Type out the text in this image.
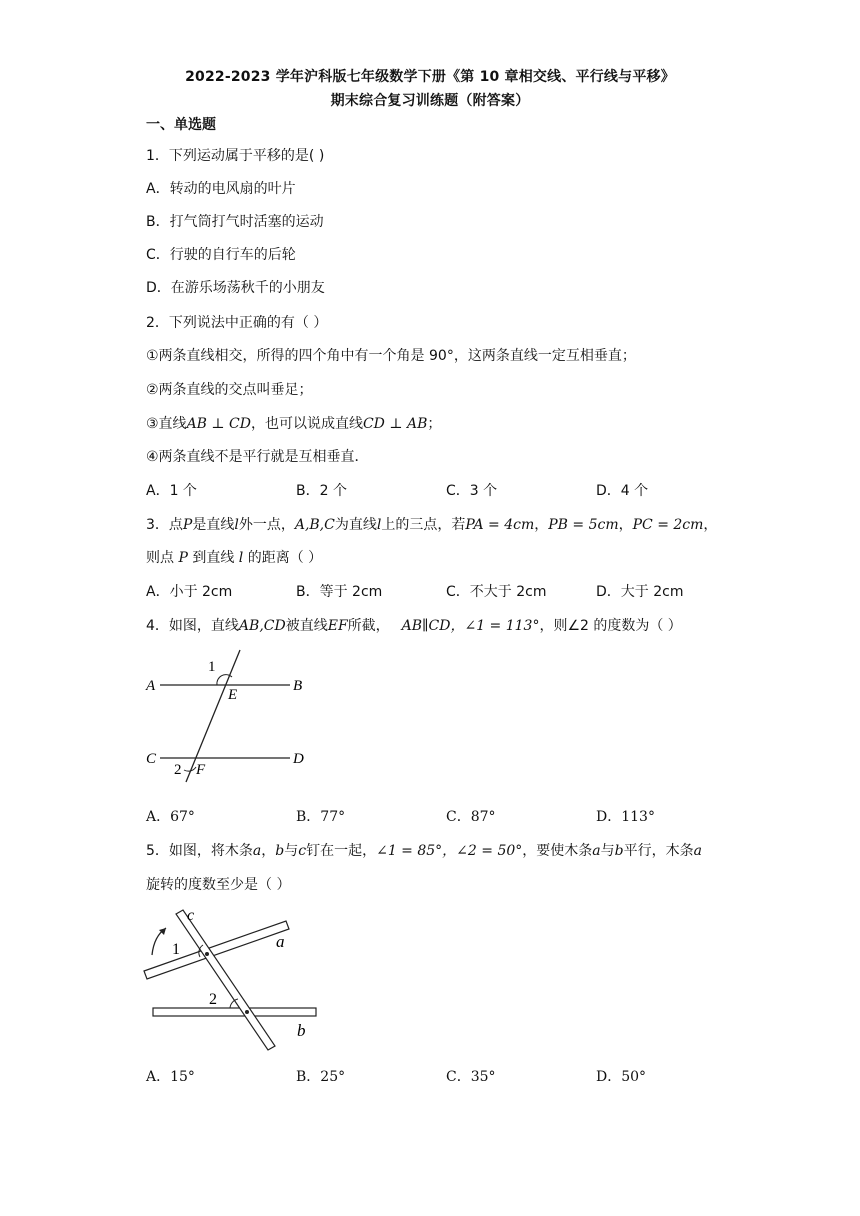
2022-2023 学年沪科版七年级数学下册《第 10 章相交线、平行线与平移》
期末综合复习训练题（附答案）
一、单选题
1．下列运动属于平移的是( )
A．转动的电风扇的叶片
B．打气筒打气时活塞的运动
C．行驶的自行车的后轮
D．在游乐场荡秋千的小朋友
2．下列说法中正确的有（ ）
①两条直线相交，所得的四个角中有一个角是 90°，这两条直线一定互相垂直；
②两条直线的交点叫垂足；
③直线AB ⊥ CD，也可以说成直线CD ⊥ AB；
④两条直线不是平行就是互相垂直．
A．1 个	B．2 个	C．3 个	D．4 个
3．点P是直线l外一点，A,B,C为直线l上的三点，若PA = 4cm，PB = 5cm，PC = 2cm，
则点 P 到直线 l 的距离（ ）
A．小于 2cm	B．等于 2cm	C．不大于 2cm	D．大于 2cm
4．如图，直线AB,CD被直线EF所截， AB∥CD，∠1 = 113°，则∠2 的度数为（ ）
A	B
C	D
E
F
1
2
A．67°	B．77°	C．87°	D．113°
5．如图，将木条a，b与c钉在一起，∠1 = 85°，∠2 = 50°，要使木条a与b平行，木条a
旋转的度数至少是（ ）
c
a
b
1
2
A．15°	B．25°	C．35°	D．50°
